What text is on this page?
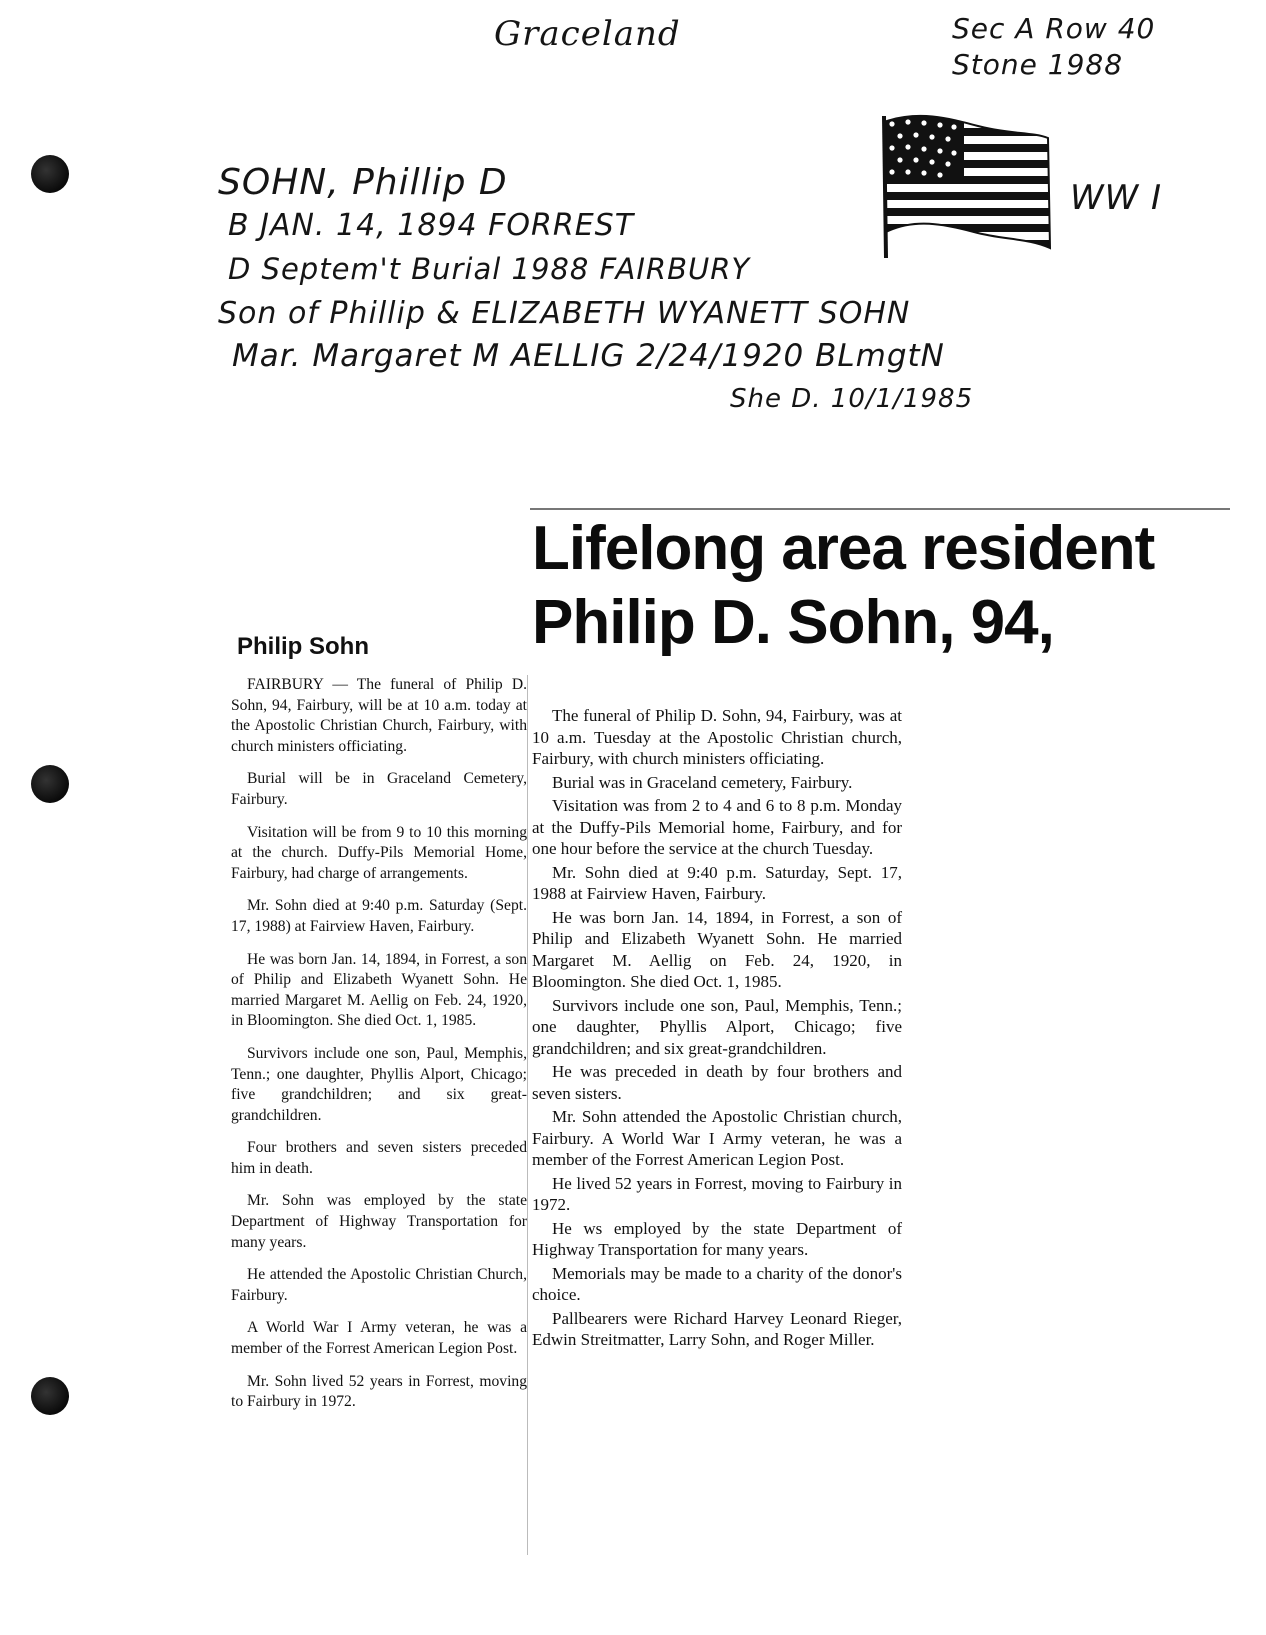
Graceland	Sec A Row 40
Stone 1988
WW I
SOHN, Phillip D
B JAN. 14, 1894 FORREST
D Septem't Burial 1988 FAIRBURY
Son of Phillip & ELIZABETH WYANETT SOHN
Mar. Margaret M AELLIG 2/24/1920 BLmgtN
She D. 10/1/1985
Philip Sohn

FAIRBURY — The funeral of Philip D. Sohn, 94, Fairbury, will be at 10 a.m. today at the Apostolic Christian Church, Fairbury, with church ministers officiating.

Burial will be in Graceland Cemetery, Fairbury.

Visitation will be from 9 to 10 this morning at the church. Duffy-Pils Memorial Home, Fairbury, had charge of arrangements.

Mr. Sohn died at 9:40 p.m. Saturday (Sept. 17, 1988) at Fairview Haven, Fairbury.

He was born Jan. 14, 1894, in Forrest, a son of Philip and Elizabeth Wyanett Sohn. He married Margaret M. Aellig on Feb. 24, 1920, in Bloomington. She died Oct. 1, 1985.

Survivors include one son, Paul, Memphis, Tenn.; one daughter, Phyllis Alport, Chicago; five grandchildren; and six great-grandchildren.

Four brothers and seven sisters preceded him in death.

Mr. Sohn was employed by the state Department of Highway Transportation for many years.

He attended the Apostolic Christian Church, Fairbury.

A World War I Army veteran, he was a member of the Forrest American Legion Post.

Mr. Sohn lived 52 years in Forrest, moving to Fairbury in 1972.

Lifelong area resident
Philip D. Sohn, 94,

The funeral of Philip D. Sohn, 94, Fairbury, was at 10 a.m. Tuesday at the Apostolic Christian church, Fairbury, with church ministers officiating.

Burial was in Graceland cemetery, Fairbury.

Visitation was from 2 to 4 and 6 to 8 p.m. Monday at the Duffy-Pils Memorial home, Fairbury, and for one hour before the service at the church Tuesday.

Mr. Sohn died at 9:40 p.m. Saturday, Sept. 17, 1988 at Fairview Haven, Fairbury.

He was born Jan. 14, 1894, in Forrest, a son of Philip and Elizabeth Wyanett Sohn. He married Margaret M. Aellig on Feb. 24, 1920, in Bloomington. She died Oct. 1, 1985.

Survivors include one son, Paul, Memphis, Tenn.; one daughter, Phyllis Alport, Chicago; five grandchildren; and six great-grandchildren.

He was preceded in death by four brothers and seven sisters.

Mr. Sohn attended the Apostolic Christian church, Fairbury. A World War I Army veteran, he was a member of the Forrest American Legion Post.

He lived 52 years in Forrest, moving to Fairbury in 1972.

He ws employed by the state Department of Highway Transportation for many years.

Memorials may be made to a charity of the donor's choice.

Pallbearers were Richard Harvey Leonard Rieger, Edwin Streitmatter, Larry Sohn, and Roger Miller.
